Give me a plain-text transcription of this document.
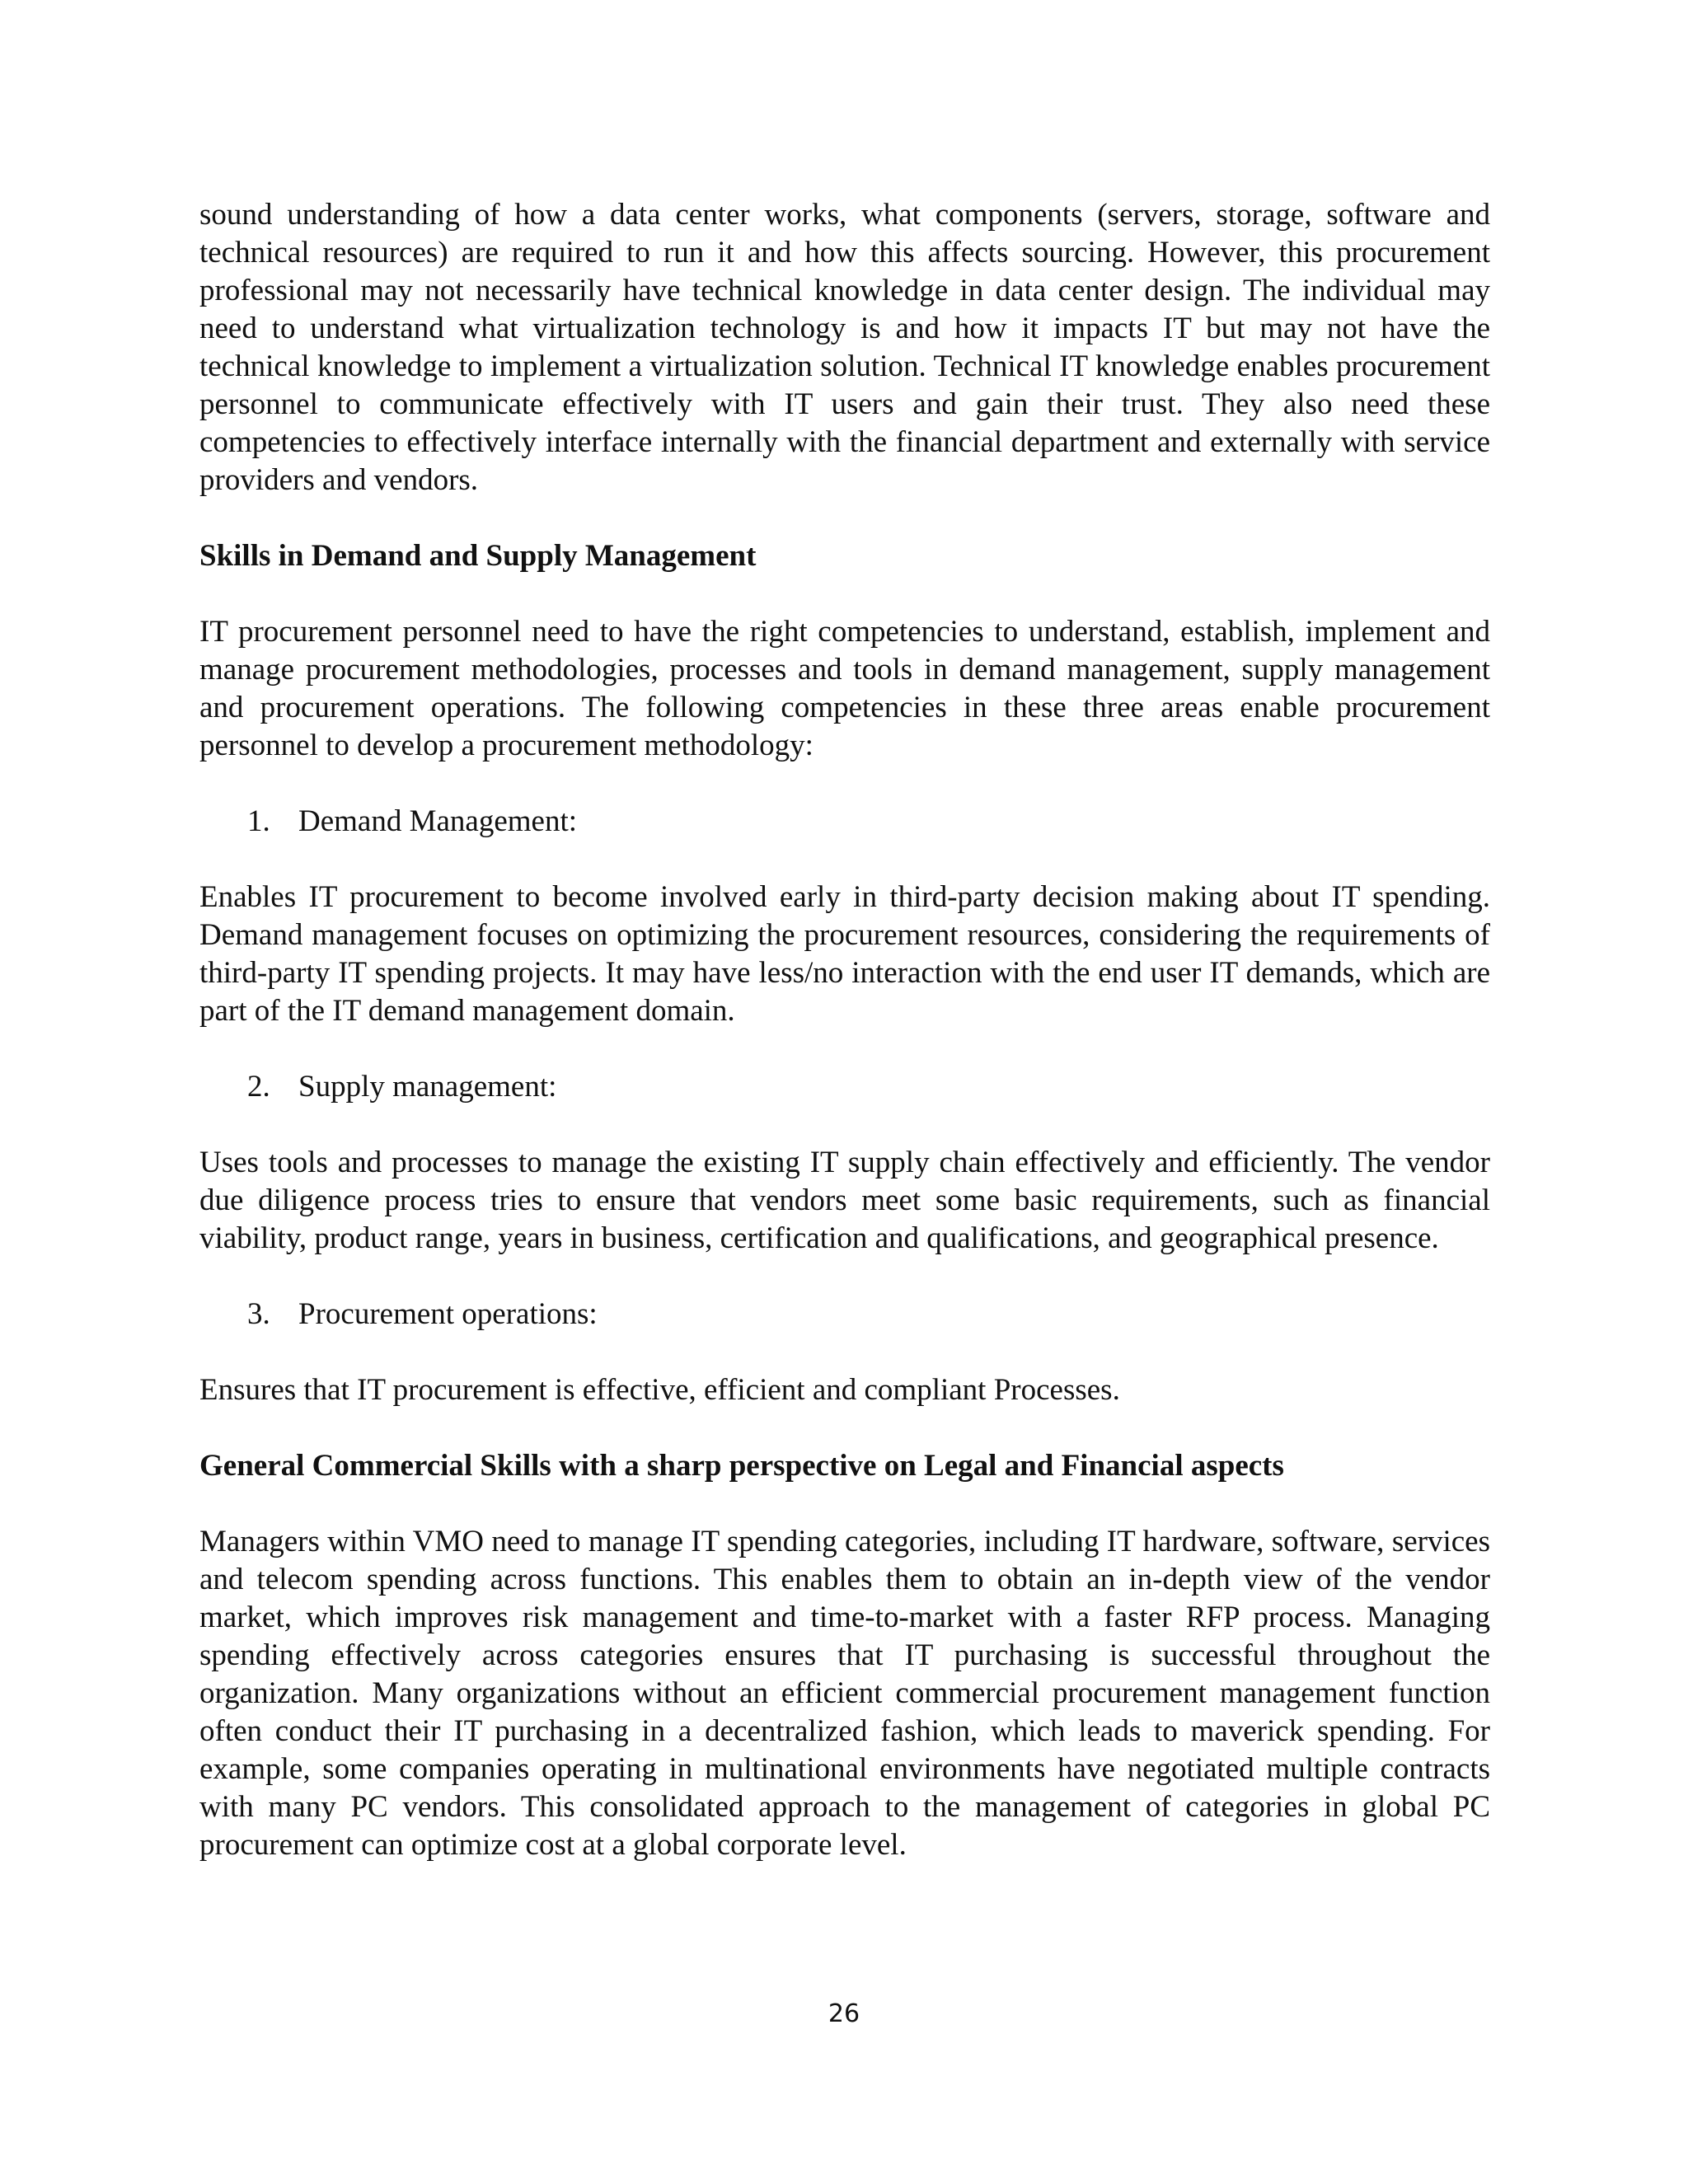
sound understanding of how a data center works, what components (servers, storage, software and technical resources) are required to run it and how this affects sourcing. However, this procurement professional may not necessarily have technical knowledge in data center design. The individual may need to understand what virtualization technology is and how it impacts IT but may not have the technical knowledge to implement a virtualization solution. Technical IT knowledge enables procurement personnel to communicate effectively with IT users and gain their trust. They also need these competencies to effectively interface internally with the financial department and externally with service providers and vendors.

Skills in Demand and Supply Management

IT procurement personnel need to have the right competencies to understand, establish, implement and manage procurement methodologies, processes and tools in demand management, supply management and procurement operations. The following competencies in these three areas enable procurement personnel to develop a procurement methodology:

1. Demand Management:

Enables IT procurement to become involved early in third-party decision making about IT spending. Demand management focuses on optimizing the procurement resources, considering the requirements of third-party IT spending projects. It may have less/no interaction with the end user IT demands, which are part of the IT demand management domain.

2. Supply management:

Uses tools and processes to manage the existing IT supply chain effectively and efficiently. The vendor due diligence process tries to ensure that vendors meet some basic requirements, such as financial viability, product range, years in business, certification and qualifications, and geographical presence.

3. Procurement operations:

Ensures that IT procurement is effective, efficient and compliant Processes.

General Commercial Skills with a sharp perspective on Legal and Financial aspects

Managers within VMO need to manage IT spending categories, including IT hardware, software, services and telecom spending across functions. This enables them to obtain an in-depth view of the vendor market, which improves risk management and time-to-market with a faster RFP process. Managing spending effectively across categories ensures that IT purchasing is successful throughout the organization. Many organizations without an efficient commercial procurement management function often conduct their IT purchasing in a decentralized fashion, which leads to maverick spending. For example, some companies operating in multinational environments have negotiated multiple contracts with many PC vendors. This consolidated approach to the management of categories in global PC procurement can optimize cost at a global corporate level.

26
